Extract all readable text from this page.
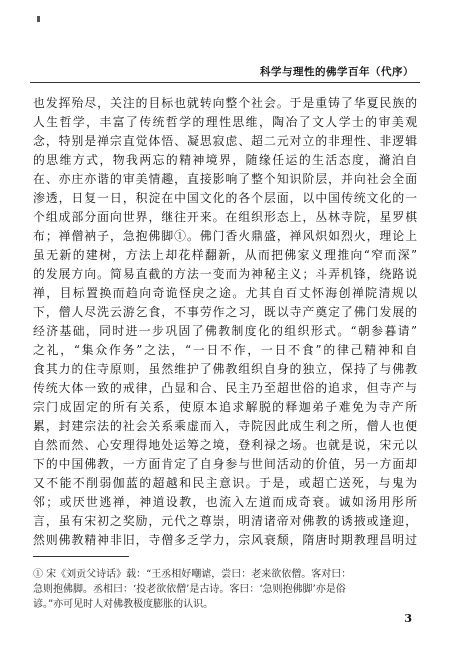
科学与理性的佛学百年（代序）
也发挥殆尽，关注的目标也就转向整个社会。于是重铸了华夏民族的
人生哲学，丰富了传统哲学的理性思维，陶冶了文人学士的审美观
念，特别是禅宗直觉体悟、凝思寂虑、超二元对立的非理性、非逻辑
的思维方式，物我两忘的精神境界，随缘任运的生活态度，滫泊自
在、亦庄亦谐的审美情趣，直接影响了整个知识阶层，并向社会全面
渗透，日复一日，积淀在中国文化的各个层面，以中国传统文化的一
个组成部分面向世界，继往开来。在组织形态上，丛林寺院，星罗棋
布；禅僧衲子，急抱佛脚①。佛门香火鼎盛，禅风炽如烈火，理论上
虽无新的建树，方法上却花样翻新，从而把佛家义理推向“窄而深”
的发展方向。简易直截的方法一变而为神秘主义；斗弄机锋，绕路说
禅，目标置换而趋向奇诡怪戾之途。尤其自百丈怀海创禅院清规以
下，僧人尽洗云游乞食，不事劳作之习，既以寺产奠定了佛门发展的
经济基础，同时进一步巩固了佛教制度化的组织形式。“朝参暮请”
之礼，“集众作务”之法，“一日不作，一日不食”的律己精神和自
食其力的住寺原则，虽然维护了佛教组织自身的独立，保持了与佛教
传统大体一致的戒律，凸显和合、民主乃至超世俗的追求，但寺产与
宗门成固定的所有关系，使原本追求解脱的释迦弟子难免为寺产所
累，封建宗法的社会关系乘虚而入，寺院因此成生利之所，僧人也便
自然而然、心安理得地处运筹之境，登利禄之场。也就是说，宋元以
下的中国佛教，一方面肯定了自身参与世间活动的价值，另一方面却
又不能不削弱伽蓝的超越和民主意识。于是，或超亡送死，与鬼为
邻；或厌世逃禅，神道设教，也流入左道而成奇衰。诚如汤用彤所
言，虽有宋初之奖励，元代之尊崇，明清诸帝对佛教的诱掖或逢迎，
然则佛教精神非旧，寺僧多乏学力，宗风衰颓，隋唐时期教理昌明过
① 宋《刘贡父诗话》载：“王丞相好嘲谑，尝曰：老来欲依僧。客对曰：
急则抱佛脚。丞相曰：‘投老欲依僧’是古诗。客曰：‘急则抱佛脚’亦是俗
谚。”亦可见时人对佛教极度膨胀的认识。
3
